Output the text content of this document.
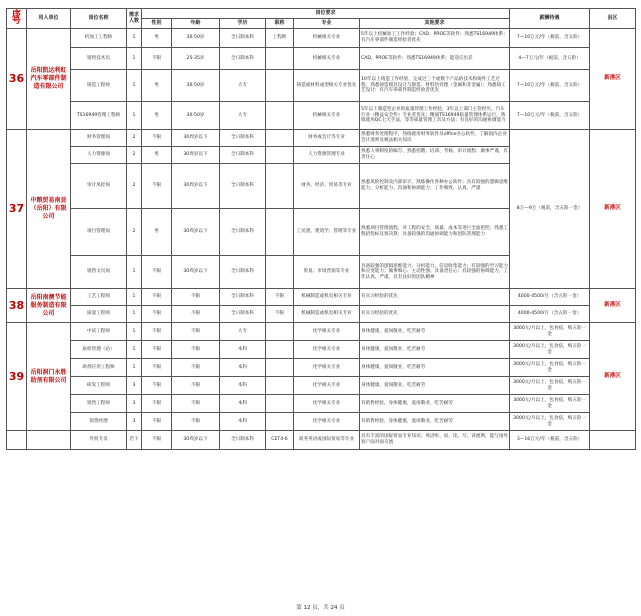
序号	用人单位	岗位名称	需求人数	岗位要求						薪酬待遇	县区
				性别	年龄	学历	职称	专业	其他要求		
36	岳阳凯达利虹汽车零部件制造有限公司	机加工工程师	1	男	30-50岁	全日制本科	工程师	机械相关专业	5年以上机械加工工作经验；CAD、PROE等软件；熟悉TS16949体系；有汽车零部件制造经验者优先	7—10万元/年（税前，含五险）	新港区
		销售技术员	1	不限	25-35岁	全日制本科		机械相关专业	CAD、PROE等软件；熟悉TS16949体系；能适应出差	4—7万元/年（税前，含五险）	
		铸造工程师	1	男	30-50岁	大专		铸造或材料成型相关专业优先	10年以上铸造工作经验，完成过三个或数个产品的技术和铸件工艺过程；熟悉铸造模具设计与制造、材料热处理（金属和非金属）；熟悉铸工艺设计；有汽车零部件制造经验者优先	7—10万元/年（税前，含五险）	
		TS16949管理工程师	1	男	30-50岁	大专		机械相关专业	5年以上制造型企业的质量管理工作经验，3年以上部门主管经历，汽车行业（精益安全件）专业者优先；精通TS16949质量管理体系运行，熟练使用QC七大手法，等等质量管理工具及方法；有良好的沟通协调能力	7—10万元/年（税前，含五险）	
37	中粮贸易南县（岳阳）有限公司	财务管理岗	2	不限	30周岁以下	全日制本科		财务或会计等专业	熟悉财务处理程序，熟练使用财务软件及office办公软件，了解国内企业会计准则及税法相关知识	8万—9万（税前，含五险一金）	新港区
		人力资源岗	2	男	30周岁以下	全日制本科		人力资源管理专业	熟悉人事制度的编写，熟悉招聘、培训、考核、审计流程；做事严谨，有责任心		
		审计风控岗	2	不限	30周岁以下	全日制本科		财务、经济、贸易等专业	熟悉风险控制及内部审计，熟练操作各种办公软件；具有较强的逻辑思维能力、分析能力、沟通和协调能力；工作细致，认真，严谨		
		项目管理岗	2	男	30周岁以下	全日制本科		工民建、建筑学、管理等专业	熟悉项目管理流程，对工程的安全、质量、成本等进行全面把控；熟悉工程招投标及预决算；具备较强的沟通协调能力和团队管理能力		
		销售文员岗	1	不限	30周岁以下	全日制本科		贸易、市场营销等专业	具备较强的逻辑思维能力、分析能力、信息收集能力；有较强的学习能力和应变能力；做事细心、主动性强；具备责任心；有较强的协调能力，工作认真、严谨，具有良好的团队精神		
38	岳阳南澳节能服务制造有限公司	工艺工程师	1	不限	不限	全日制本科	不限	机械制造或机电相关专业	有实习经验的优先	4000-4500/月（含五险一金）	新港区
		质量工程师	1	不限	不限	全日制本科	不限	机械制造或机电相关专业	有实习经验的优先	4000-4500/月（含五险一金）	
39	岳阳洞门永胜助剂有限公司	中试工程师	1	不限	不限	大专		化学相关专业	身体健康，爱岗敬业，吃苦耐劳	3000元/月以上，包食宿，购五险一金	新港区
		质检管理（站）	1	不限	不限	本科		化学相关专业	身体健康，爱岗敬业，吃苦耐劳	3000元/月以上，包食宿，购五险一金	
		助剂应用工程师	1	不限	不限	本科		化学相关专业	身体健康，爱岗敬业，吃苦耐劳	3000元/月以上，包食宿，购五险一金	
		研发工程师	3	不限	不限	本科		化学相关专业	身体健康，爱岗敬业，吃苦耐劳	3000元/月以上，包食宿，购五险一金	
		销售工程师	3	不限	不限	本科		化学相关专业	有销售经验，身体健康，爱岗敬业，吃苦耐劳	3000元/月以上，包食宿，购五险一金	
		销售经理	3	不限	不限	本科		化学相关专业	有销售经验，身体健康，爱岗敬业，吃苦耐劳	3000元/月以上，包食宿，购五险一金	
		外贸专员	若干	不限	30周岁以下	全日制本科	CET4-6	商务英语或国际贸易等专业	具有丰富的国际贸易专业知识；英语听、说、读、写、译流利，能与国外客户面对面交流	3—16万元/年（税前，含五险）	
第 12 页，共 24 页
